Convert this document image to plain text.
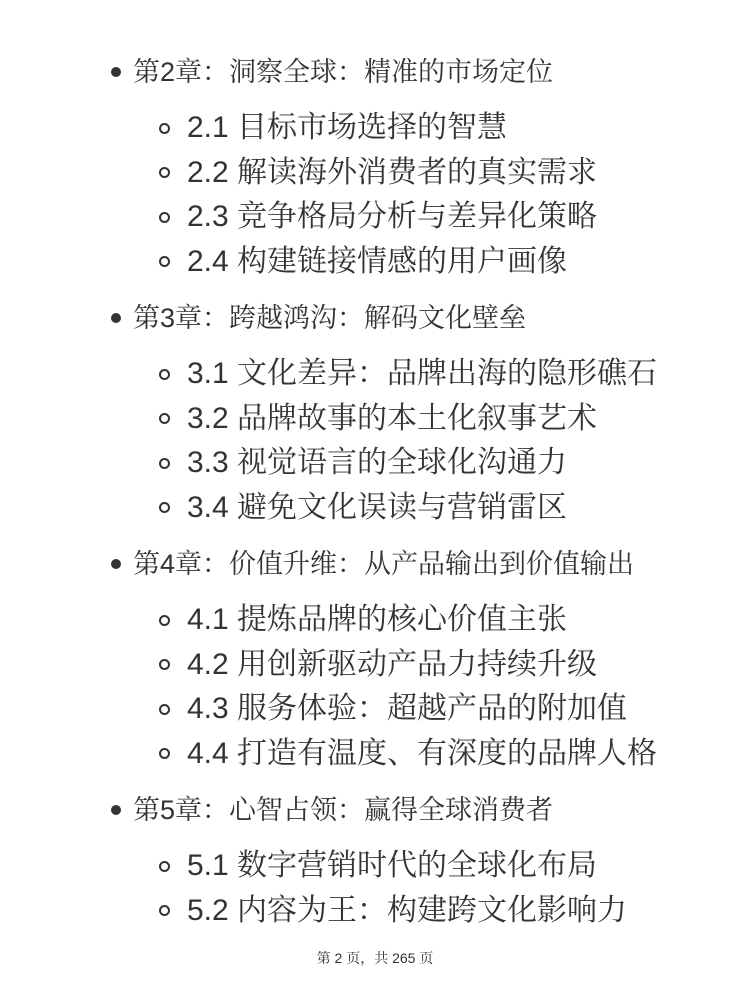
第2章：洞察全球：精准的市场定位
2.1 目标市场选择的智慧
2.2 解读海外消费者的真实需求
2.3 竞争格局分析与差异化策略
2.4 构建链接情感的用户画像
第3章：跨越鸿沟：解码文化壁垒
3.1 文化差异：品牌出海的隐形礁石
3.2 品牌故事的本土化叙事艺术
3.3 视觉语言的全球化沟通力
3.4 避免文化误读与营销雷区
第4章：价值升维：从产品输出到价值输出
4.1 提炼品牌的核心价值主张
4.2 用创新驱动产品力持续升级
4.3 服务体验：超越产品的附加值
4.4 打造有温度、有深度的品牌人格
第5章：心智占领：赢得全球消费者
5.1 数字营销时代的全球化布局
5.2 内容为王：构建跨文化影响力
第 2 页，共 265 页
